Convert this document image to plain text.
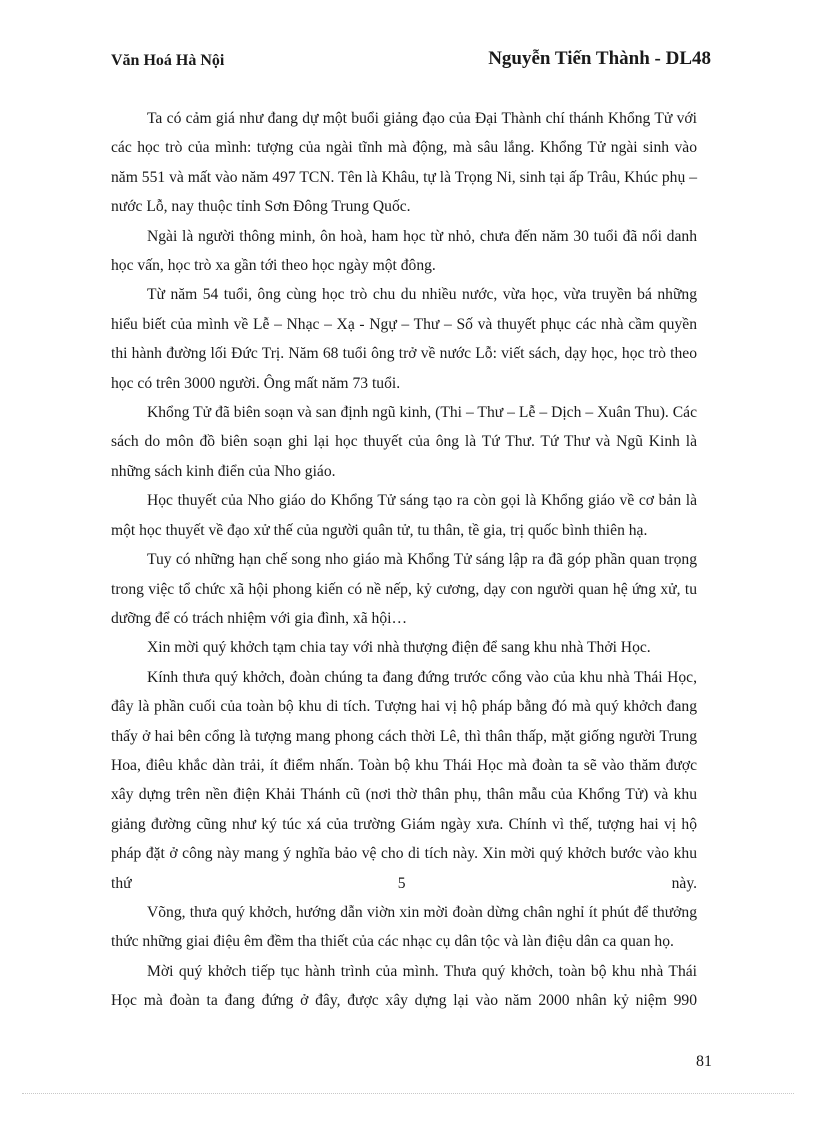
Văn Hoá Hà Nội	Nguyễn Tiến Thành - DL48

Ta có cảm giá như đang dự một buổi giảng đạo của Đại Thành chí thánh Khổng Tử với các học trò của mình: tượng của ngài tĩnh mà động, mà sâu lắng. Khổng Tử ngài sinh vào năm 551 và mất vào năm 497 TCN. Tên là Khâu, tự là Trọng Ni, sinh tại ấp Trâu, Khúc phụ – nước Lỗ, nay thuộc tỉnh Sơn Đông Trung Quốc.

Ngài là người thông minh, ôn hoà, ham học từ nhỏ, chưa đến năm 30 tuổi đã nổi danh học vấn, học trò xa gần tới theo học ngày một đông.

Từ năm 54 tuổi, ông cùng học trò chu du nhiều nước, vừa học, vừa truyền bá những hiểu biết của mình về Lễ – Nhạc – Xạ - Ngự – Thư – Số và thuyết phục các nhà cầm quyền thi hành đường lối Đức Trị. Năm 68 tuổi ông trở về nước Lỗ: viết sách, dạy học, học trò theo học có trên 3000 người. Ông mất năm 73 tuổi.

Khổng Tử đã biên soạn và san định ngũ kinh, (Thi – Thư – Lễ – Dịch – Xuân Thu). Các sách do môn đồ biên soạn ghi lại học thuyết của ông là Tứ Thư. Tứ Thư và Ngũ Kinh là những sách kinh điển của Nho giáo.

Học thuyết của Nho giáo do Khổng Tử sáng tạo ra còn gọi là Khổng giáo về cơ bản là một học thuyết về đạo xử thế của người quân tử, tu thân, tề gia, trị quốc bình thiên hạ.

Tuy có những hạn chế song nho giáo mà Khổng Tử sáng lập ra đã góp phần quan trọng trong việc tổ chức xã hội phong kiến có nề nếp, kỷ cương, dạy con người quan hệ ứng xử, tu dưỡng để có trách nhiệm với gia đình, xã hội…

Xin mời quý khởch tạm chia tay với nhà thượng điện để sang khu nhà Thởi Học.

Kính thưa quý khởch, đoàn chúng ta đang đứng trước cổng vào của khu nhà Thái Học, đây là phần cuối của toàn bộ khu di tích. Tượng hai vị hộ pháp bằng đó mà quý khởch đang thấy ở hai bên cổng là tượng mang phong cách thời Lê, thì thân thấp, mặt giống người Trung Hoa, điêu khắc dàn trải, ít điểm nhấn. Toàn bộ khu Thái Học mà đoàn ta sẽ vào thăm được xây dựng trên nền điện Khải Thánh cũ (nơi thờ thân phụ, thân mẫu của Khổng Tử) và khu giảng đường cũng như ký túc xá của trường Giám ngày xưa. Chính vì thế, tượng hai vị hộ pháp đặt ở công này mang ý nghĩa bảo vệ cho di tích này. Xin mời quý khởch bước vào khu thứ 5 này.

Võng, thưa quý khởch, hướng dẫn viờn xin mời đoàn dừng chân nghỉ ít phút để thưởng thức những giai điệu êm đềm tha thiết của các nhạc cụ dân tộc và làn điệu dân ca quan họ.

Mời quý khởch tiếp tục hành trình của mình. Thưa quý khởch, toàn bộ khu nhà Thái Học mà đoàn ta đang đứng ở đây, được xây dựng lại vào năm 2000 nhân kỷ niệm 990

81
